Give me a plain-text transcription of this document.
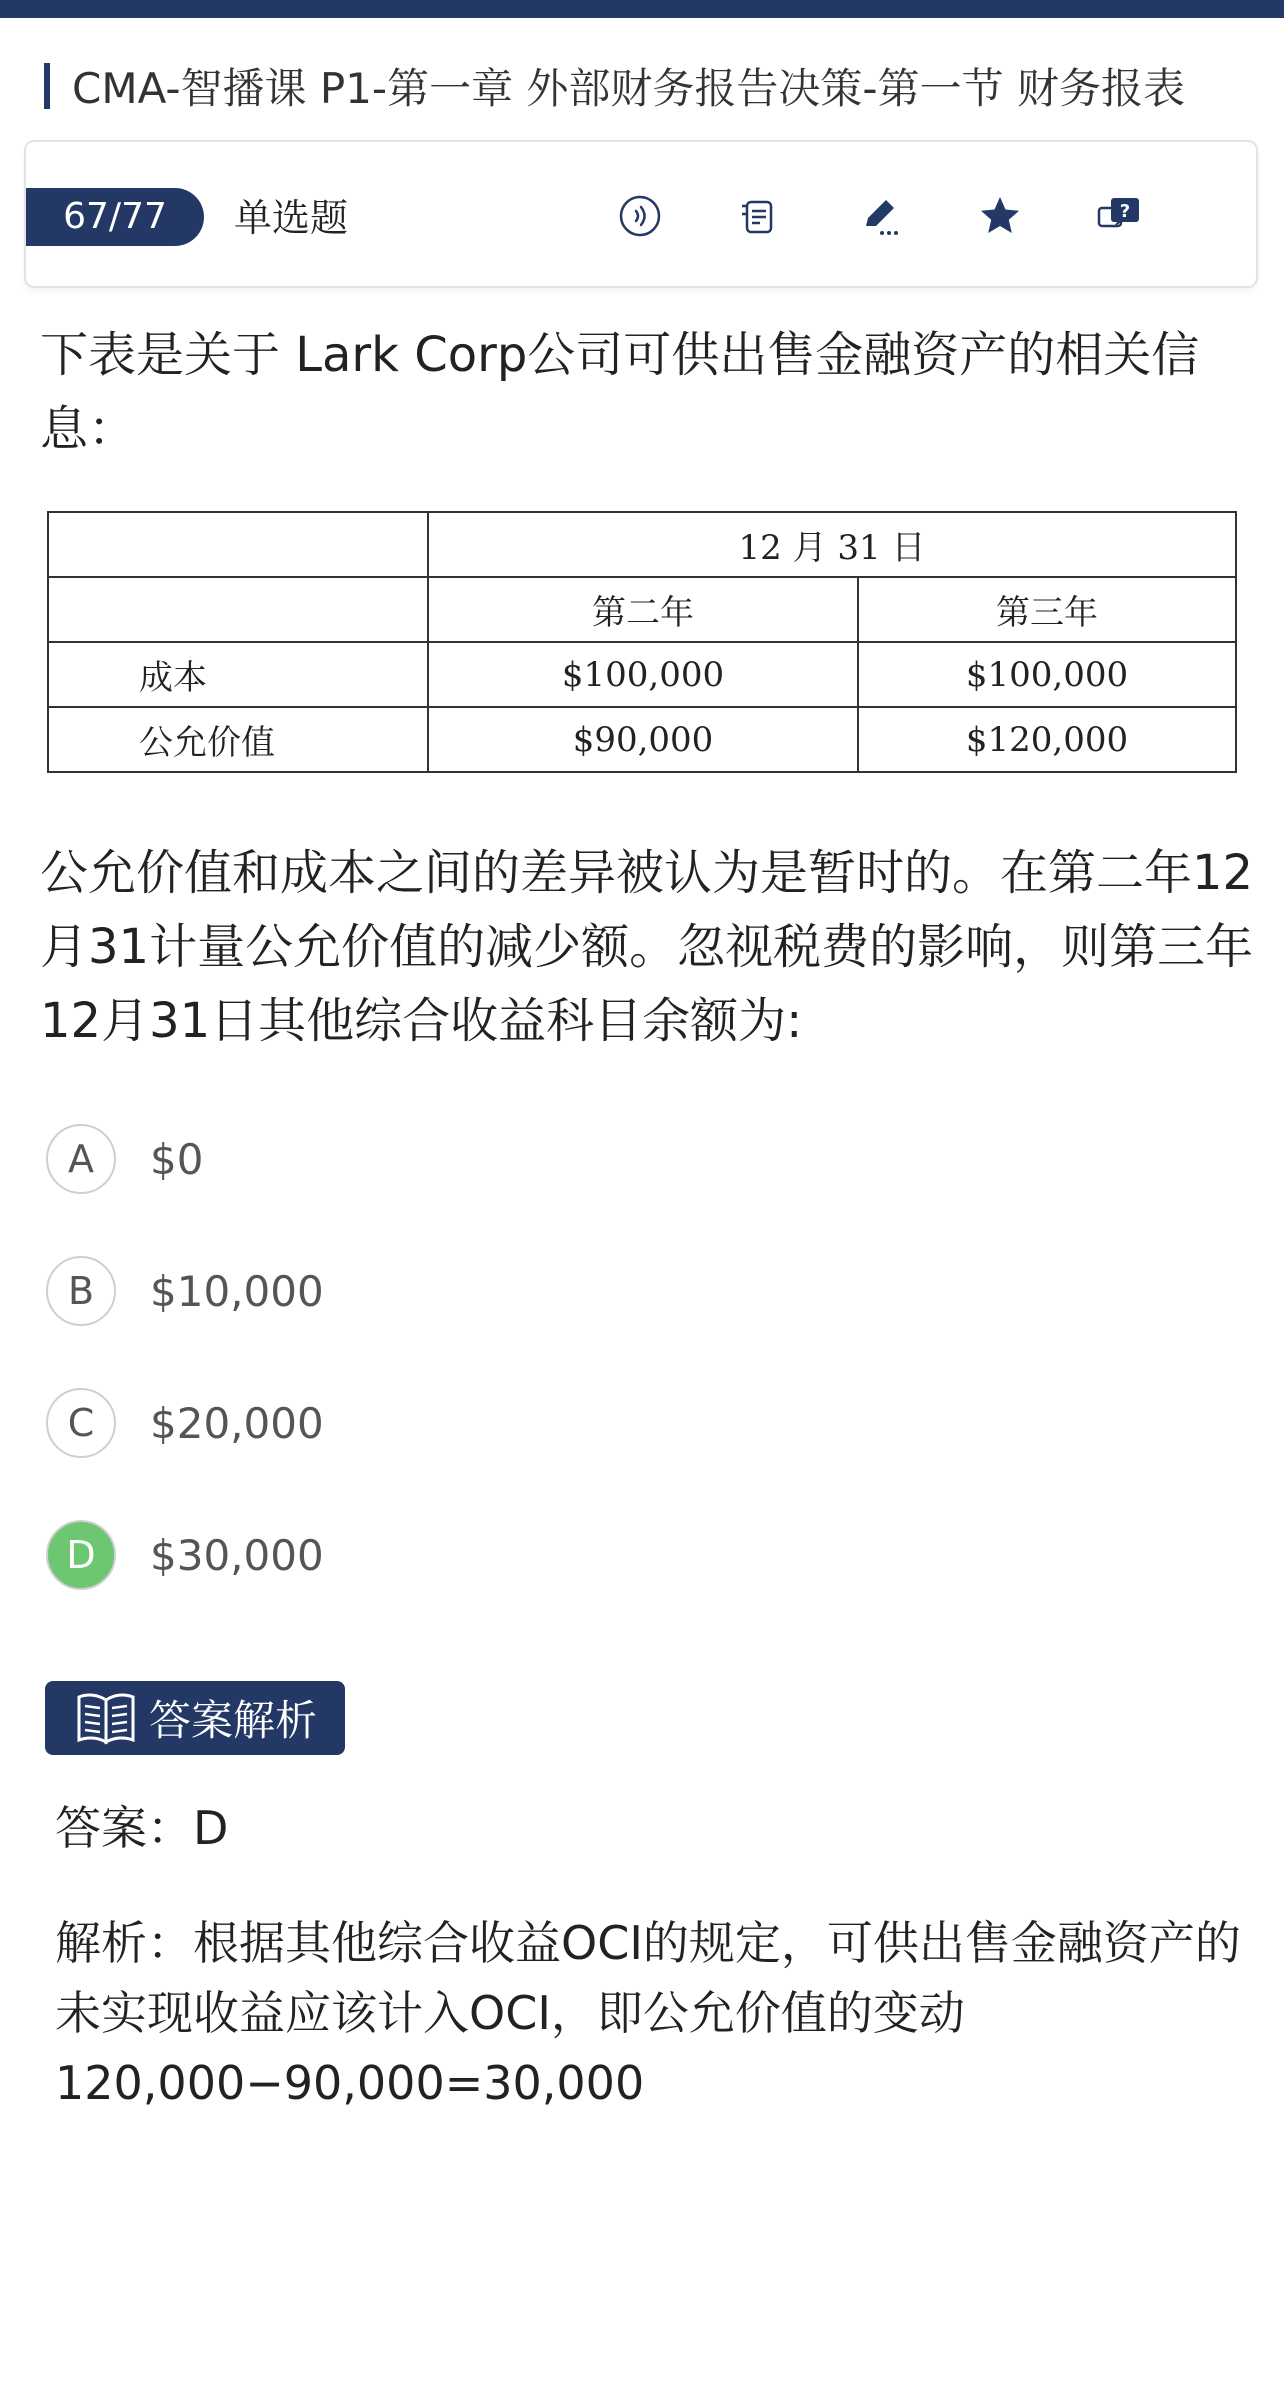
CMA-智播课 P1-第一章 外部财务报告决策-第一节 财务报表
67/77	单选题	?
下表是关于 Lark Corp公司可供出售金融资产的相关信息：
	12 月 31 日	
	第二年	第三年
成本	$100,000	$100,000
公允价值	$90,000	$120,000
公允价值和成本之间的差异被认为是暂时的。在第二年12月31计量公允价值的减少额。忽视税费的影响，则第三年 12月31日其他综合收益科目余额为:
A	$0
B	$10,000
C	$20,000
D	$30,000
答案解析
答案：D
解析：根据其他综合收益OCI的规定，可供出售金融资产的未实现收益应该计入OCI，即公允价值的变动120,000−90,000=30,000
